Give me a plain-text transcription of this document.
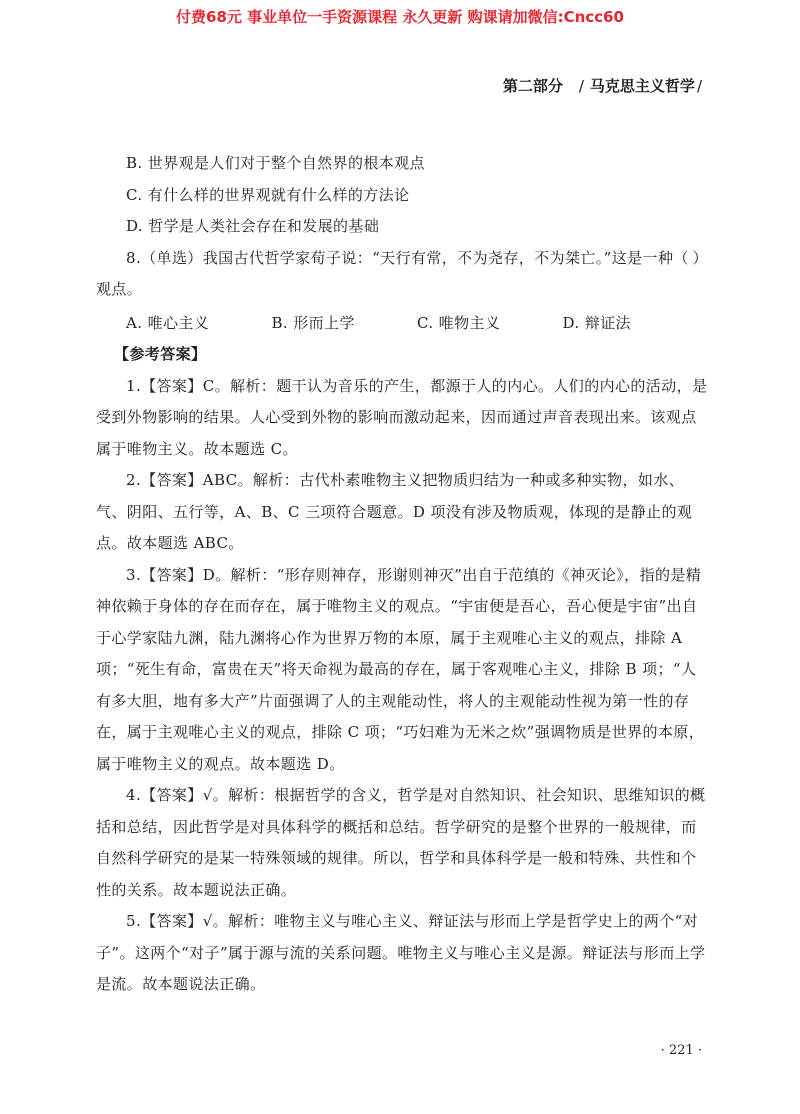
付费68元 事业单位一手资源课程 永久更新 购课请加微信:Cncc60
第二部分 / 马克思主义哲学 /

B. 世界观是人们对于整个自然界的根本观点

C. 有什么样的世界观就有什么样的方法论

D. 哲学是人类社会存在和发展的基础

8.（单选）我国古代哲学家荀子说：“天行有常，不为尧存，不为桀亡。”这是一种（ ）

观点。

A. 唯心主义	B. 形而上学	C. 唯物主义	D. 辩证法

【参考答案】

1.【答案】C。解析：题干认为音乐的产生，都源于人的内心。人们的内心的活动，是受到外物影响的结果。人心受到外物的影响而激动起来，因而通过声音表现出来。该观点属于唯物主义。故本题选 C。

2.【答案】ABC。解析：古代朴素唯物主义把物质归结为一种或多种实物，如水、气、阴阳、五行等，A、B、C 三项符合题意。D 项没有涉及物质观，体现的是静止的观点。故本题选 ABC。

3.【答案】D。解析：“形存则神存，形谢则神灭”出自于范缜的《神灭论》，指的是精神依赖于身体的存在而存在，属于唯物主义的观点。“宇宙便是吾心，吾心便是宇宙”出自于心学家陆九渊，陆九渊将心作为世界万物的本原，属于主观唯心主义的观点，排除 A 项；“死生有命，富贵在天”将天命视为最高的存在，属于客观唯心主义，排除 B 项；“人有多大胆，地有多大产”片面强调了人的主观能动性，将人的主观能动性视为第一性的存在，属于主观唯心主义的观点，排除 C 项；“巧妇难为无米之炊”强调物质是世界的本原，属于唯物主义的观点。故本题选 D。

4.【答案】√。解析：根据哲学的含义，哲学是对自然知识、社会知识、思维知识的概括和总结，因此哲学是对具体科学的概括和总结。哲学研究的是整个世界的一般规律，而自然科学研究的是某一特殊领域的规律。所以，哲学和具体科学是一般和特殊、共性和个性的关系。故本题说法正确。

5.【答案】√。解析：唯物主义与唯心主义、辩证法与形而上学是哲学史上的两个“对子”。这两个“对子”属于源与流的关系问题。唯物主义与唯心主义是源。辩证法与形而上学是流。故本题说法正确。

· 221 ·
